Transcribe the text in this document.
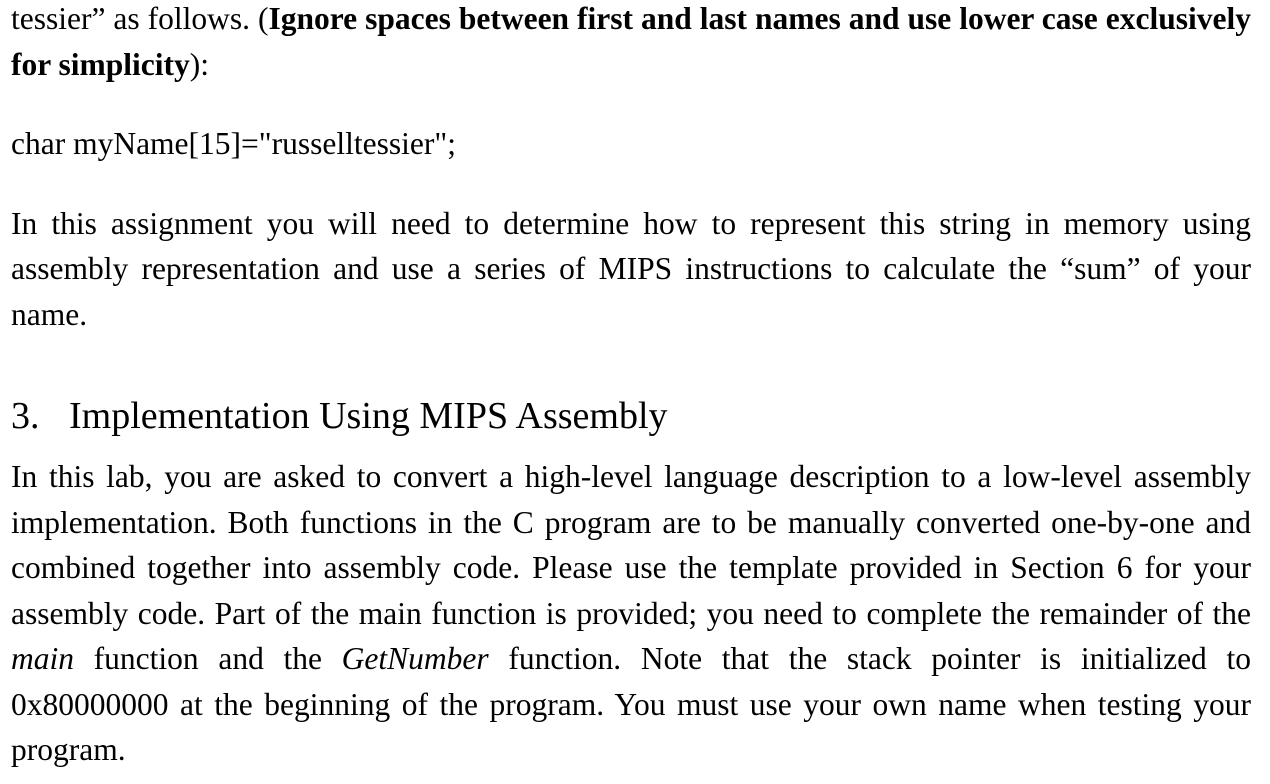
tessier” as follows. (Ignore spaces between first and last names and use lower case exclusively for simplicity):

char myName[15]="russelltessier";

In this assignment you will need to determine how to represent this string in memory using assembly representation and use a series of MIPS instructions to calculate the “sum” of your name.

3. Implementation Using MIPS Assembly

In this lab, you are asked to convert a high-level language description to a low-level assembly implementation. Both functions in the C program are to be manually converted one-by-one and combined together into assembly code. Please use the template provided in Section 6 for your assembly code. Part of the main function is provided; you need to complete the remainder of the main function and the GetNumber function. Note that the stack pointer is initialized to 0x80000000 at the beginning of the program. You must use your own name when testing your program.
